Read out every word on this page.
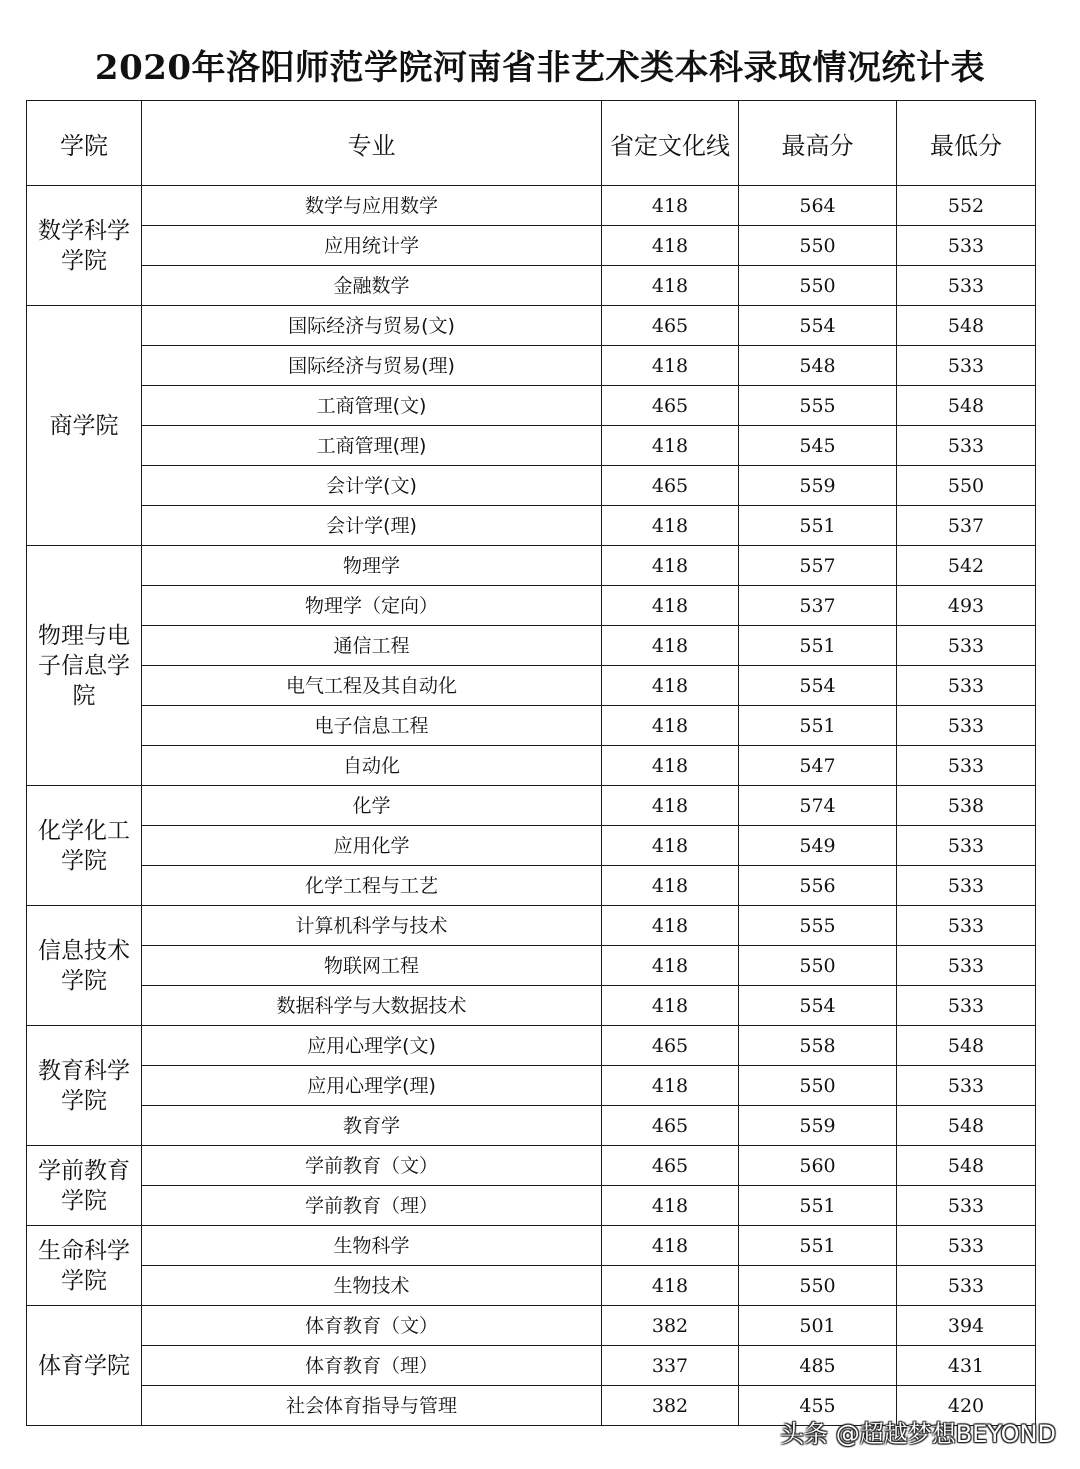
2020年洛阳师范学院河南省非艺术类本科录取情况统计表
学院	专业	省定文化线	最高分	最低分
数学科学学院	数学与应用数学	418	564	552
	应用统计学	418	550	533
	金融数学	418	550	533
商学院	国际经济与贸易(文)	465	554	548
	国际经济与贸易(理)	418	548	533
	工商管理(文)	465	555	548
	工商管理(理)	418	545	533
	会计学(文)	465	559	550
	会计学(理)	418	551	537
物理与电子信息学院	物理学	418	557	542
	物理学（定向）	418	537	493
	通信工程	418	551	533
	电气工程及其自动化	418	554	533
	电子信息工程	418	551	533
	自动化	418	547	533
化学化工学院	化学	418	574	538
	应用化学	418	549	533
	化学工程与工艺	418	556	533
信息技术学院	计算机科学与技术	418	555	533
	物联网工程	418	550	533
	数据科学与大数据技术	418	554	533
教育科学学院	应用心理学(文)	465	558	548
	应用心理学(理)	418	550	533
	教育学	465	559	548
学前教育学院	学前教育（文）	465	560	548
	学前教育（理）	418	551	533
生命科学学院	生物科学	418	551	533
	生物技术	418	550	533
体育学院	体育教育（文）	382	501	394
	体育教育（理）	337	485	431
	社会体育指导与管理	382	455	420
头条 @超越梦想BEYOND
